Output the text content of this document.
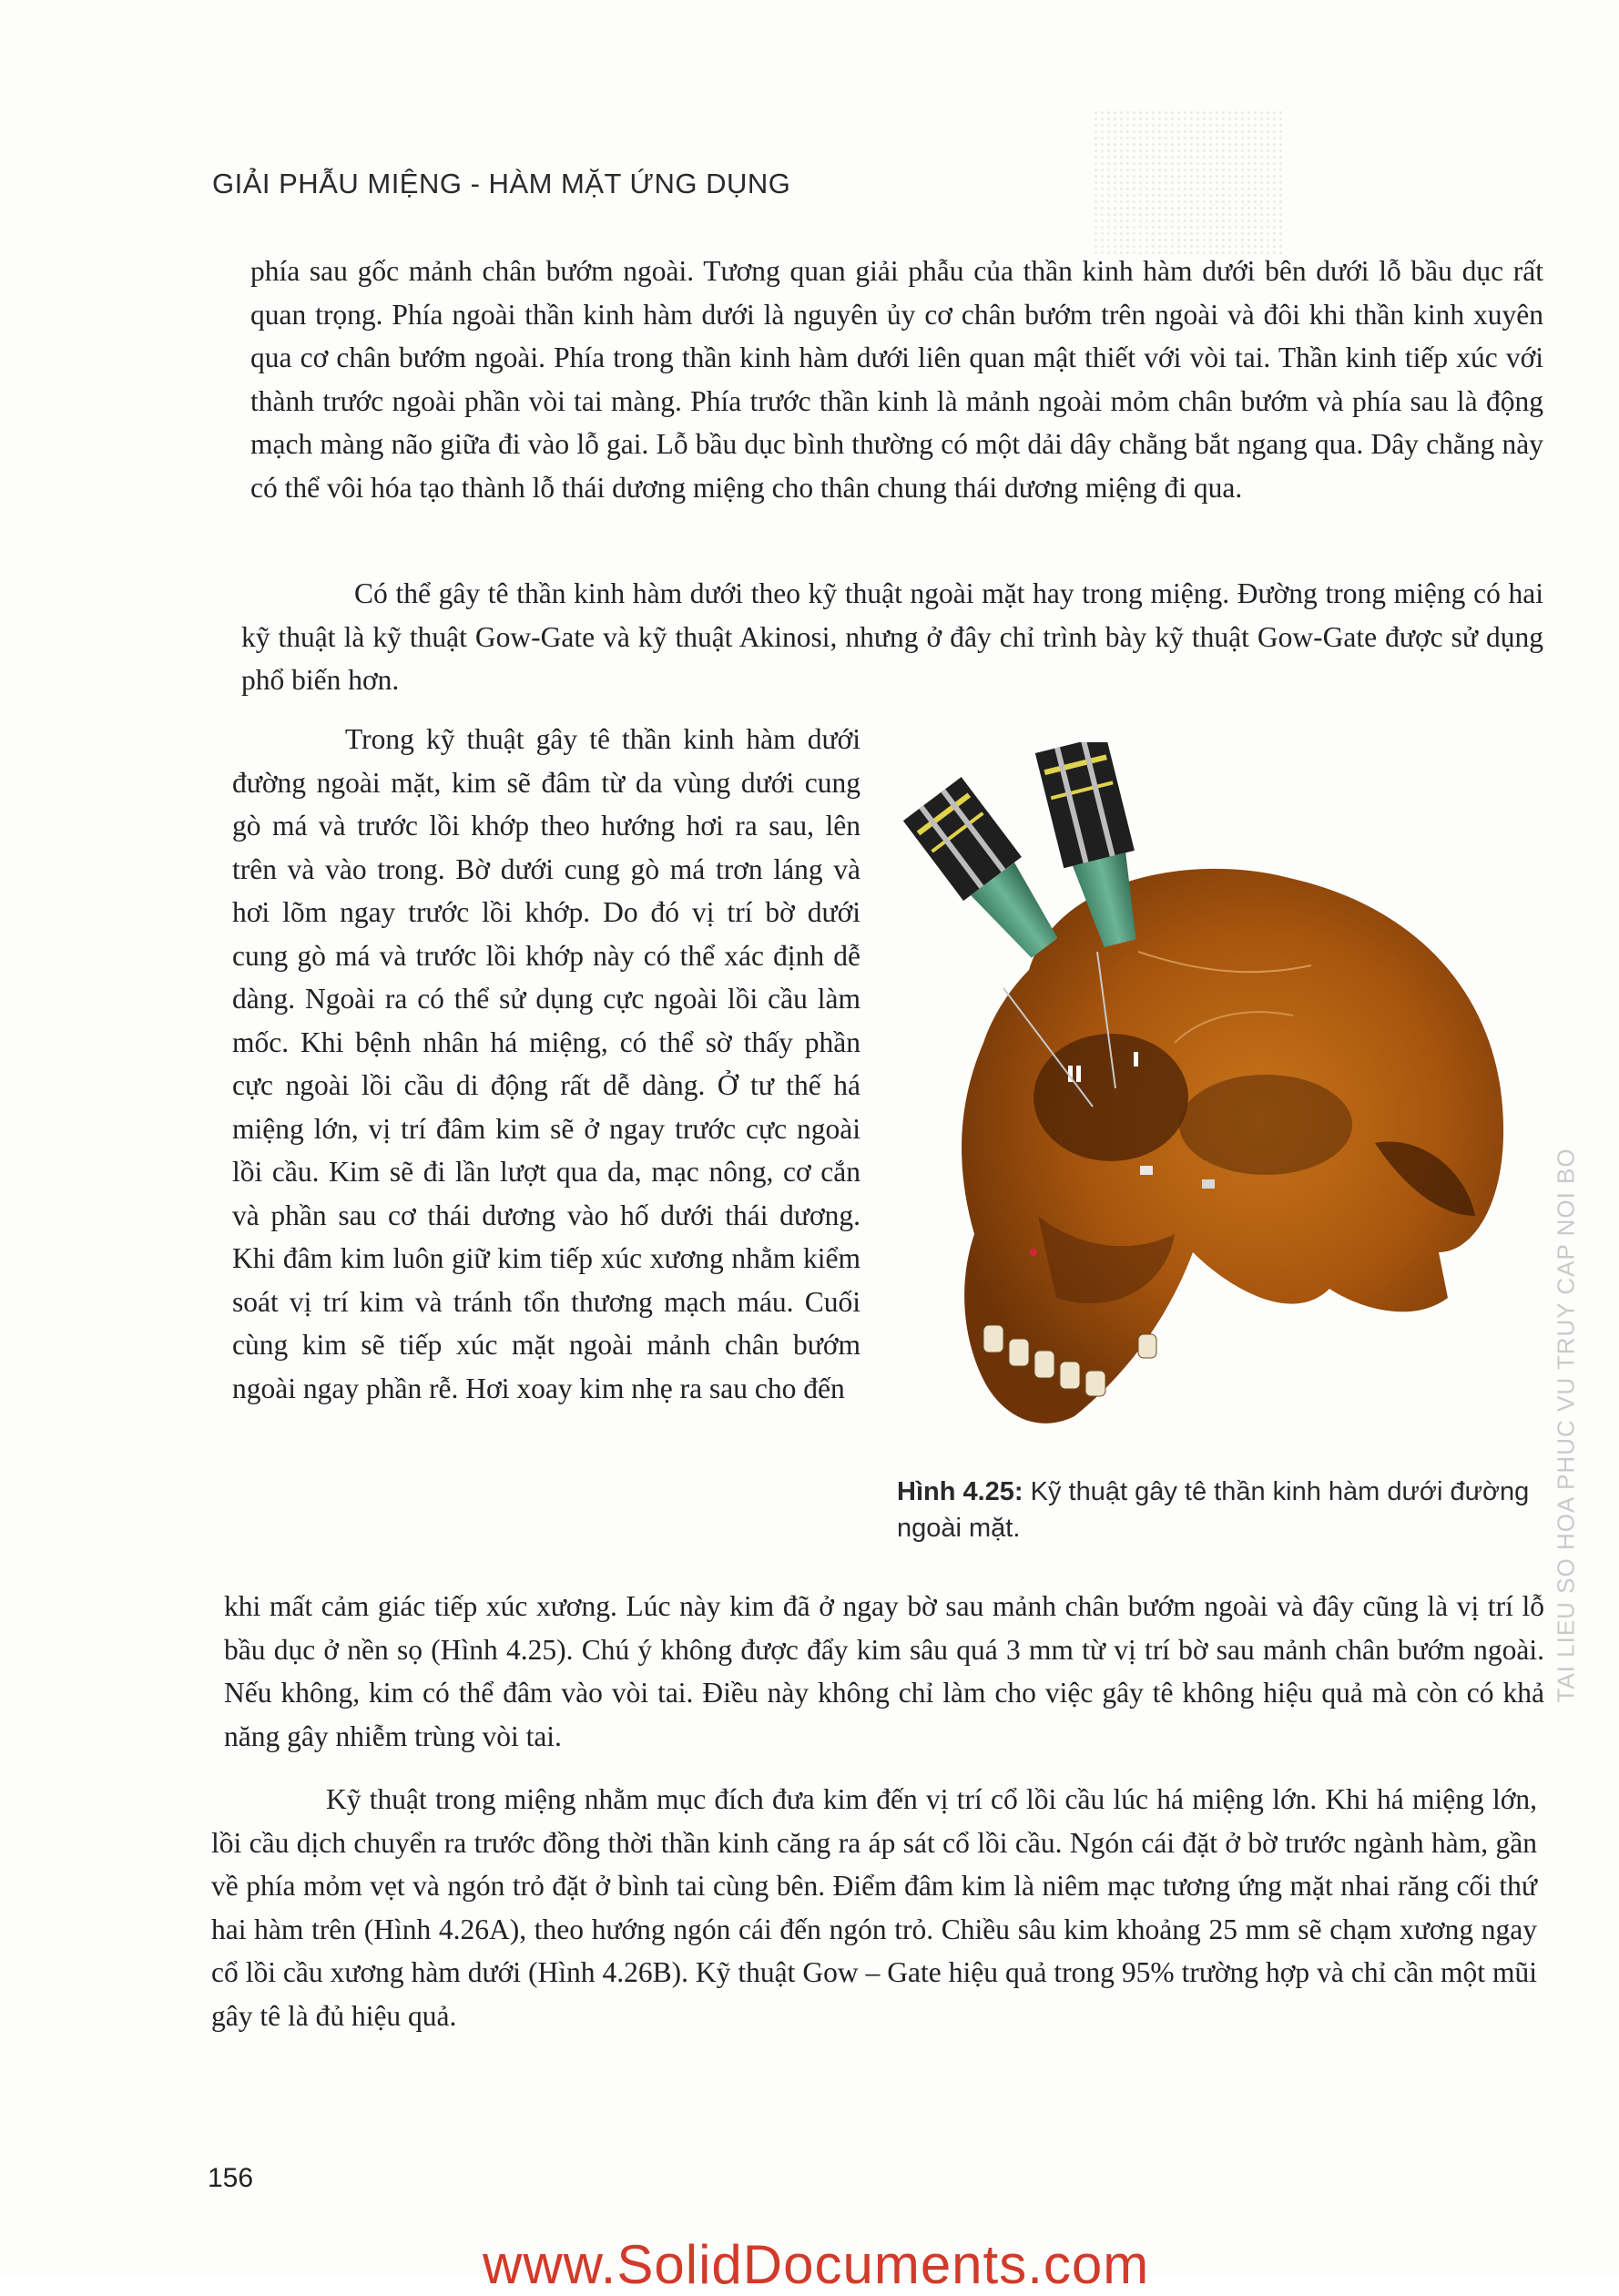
GIẢI PHẪU MIỆNG - HÀM MẶT ỨNG DỤNG

phía sau gốc mảnh chân bướm ngoài. Tương quan giải phẫu của thần kinh hàm dưới bên dưới lỗ bầu dục rất quan trọng. Phía ngoài thần kinh hàm dưới là nguyên ủy cơ chân bướm trên ngoài và đôi khi thần kinh xuyên qua cơ chân bướm ngoài. Phía trong thần kinh hàm dưới liên quan mật thiết với vòi tai. Thần kinh tiếp xúc với thành trước ngoài phần vòi tai màng. Phía trước thần kinh là mảnh ngoài mỏm chân bướm và phía sau là động mạch màng não giữa đi vào lỗ gai. Lỗ bầu dục bình thường có một dải dây chằng bắt ngang qua. Dây chằng này có thể vôi hóa tạo thành lỗ thái dương miệng cho thân chung thái dương miệng đi qua.

Có thể gây tê thần kinh hàm dưới theo kỹ thuật ngoài mặt hay trong miệng. Đường trong miệng có hai kỹ thuật là kỹ thuật Gow-Gate và kỹ thuật Akinosi, nhưng ở đây chỉ trình bày kỹ thuật Gow-Gate được sử dụng phổ biến hơn.

Trong kỹ thuật gây tê thần kinh hàm dưới đường ngoài mặt, kim sẽ đâm từ da vùng dưới cung gò má và trước lồi khớp theo hướng hơi ra sau, lên trên và vào trong. Bờ dưới cung gò má trơn láng và hơi lõm ngay trước lồi khớp. Do đó vị trí bờ dưới cung gò má và trước lồi khớp này có thể xác định dễ dàng. Ngoài ra có thể sử dụng cực ngoài lồi cầu làm mốc. Khi bệnh nhân há miệng, có thể sờ thấy phần cực ngoài lồi cầu di động rất dễ dàng. Ở tư thế há miệng lớn, vị trí đâm kim sẽ ở ngay trước cực ngoài lồi cầu. Kim sẽ đi lần lượt qua da, mạc nông, cơ cắn và phần sau cơ thái dương vào hố dưới thái dương. Khi đâm kim luôn giữ kim tiếp xúc xương nhằm kiểm soát vị trí kim và tránh tổn thương mạch máu. Cuối cùng kim sẽ tiếp xúc mặt ngoài mảnh chân bướm ngoài ngay phần rễ. Hơi xoay kim nhẹ ra sau cho đến

Hình 4.25: Kỹ thuật gây tê thần kinh hàm dưới đường ngoài mặt.

khi mất cảm giác tiếp xúc xương. Lúc này kim đã ở ngay bờ sau mảnh chân bướm ngoài và đây cũng là vị trí lỗ bầu dục ở nền sọ (Hình 4.25). Chú ý không được đẩy kim sâu quá 3 mm từ vị trí bờ sau mảnh chân bướm ngoài. Nếu không, kim có thể đâm vào vòi tai. Điều này không chỉ làm cho việc gây tê không hiệu quả mà còn có khả năng gây nhiễm trùng vòi tai.

Kỹ thuật trong miệng nhằm mục đích đưa kim đến vị trí cổ lồi cầu lúc há miệng lớn. Khi há miệng lớn, lồi cầu dịch chuyển ra trước đồng thời thần kinh căng ra áp sát cổ lồi cầu. Ngón cái đặt ở bờ trước ngành hàm, gần về phía mỏm vẹt và ngón trỏ đặt ở bình tai cùng bên. Điểm đâm kim là niêm mạc tương ứng mặt nhai răng cối thứ hai hàm trên (Hình 4.26A), theo hướng ngón cái đến ngón trỏ. Chiều sâu kim khoảng 25 mm sẽ chạm xương ngay cổ lồi cầu xương hàm dưới (Hình 4.26B). Kỹ thuật Gow – Gate hiệu quả trong 95% trường hợp và chỉ cần một mũi gây tê là đủ hiệu quả.

TAI LIEU SO HOA PHUC VU TRUY CAP NOI BO
156
www.SolidDocuments.com
